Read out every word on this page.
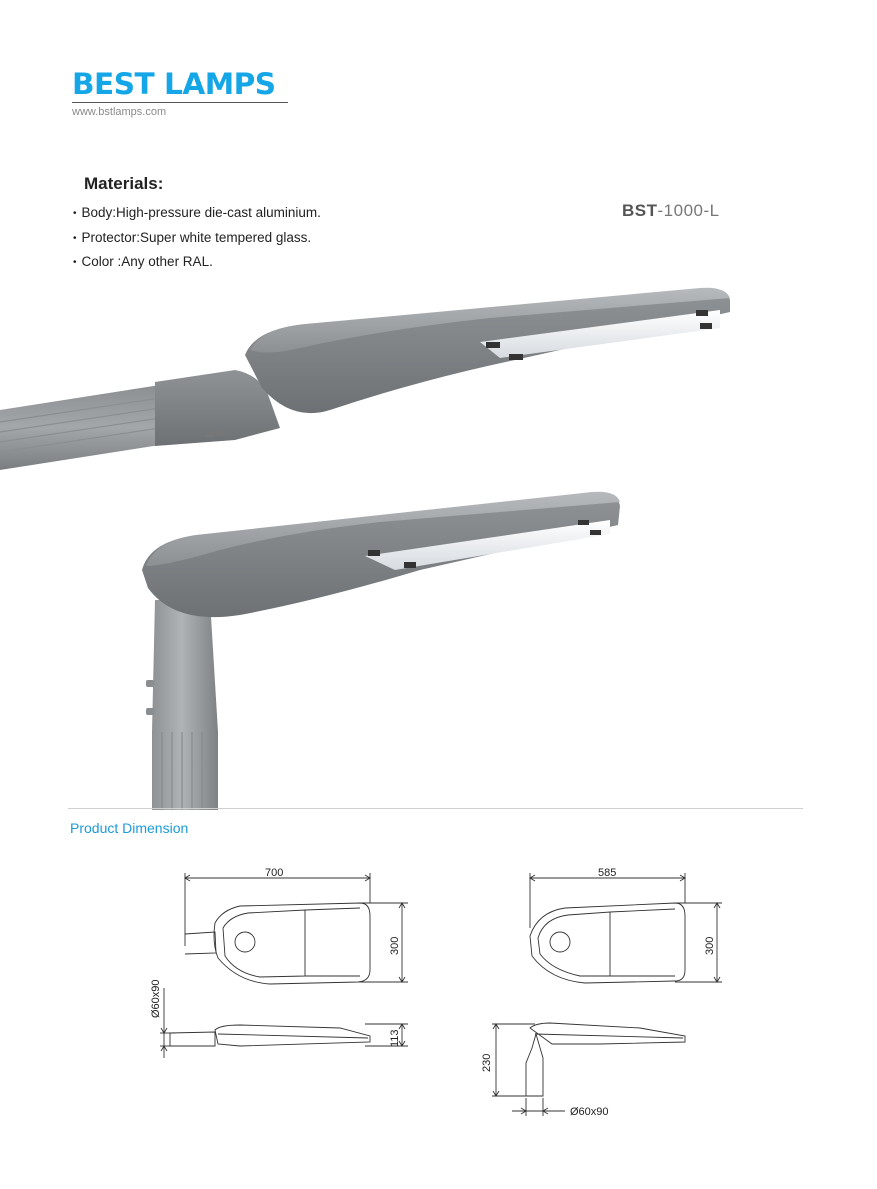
BEST LAMPS
www.bstlamps.com
Materials:
• Body:High-pressure die-cast aluminium.
• Protector:Super white tempered glass.
• Color :Any other RAL.
BST-1000-L
Product Dimension
700
300
Ø60x90
113
585
300
230
Ø60x90
